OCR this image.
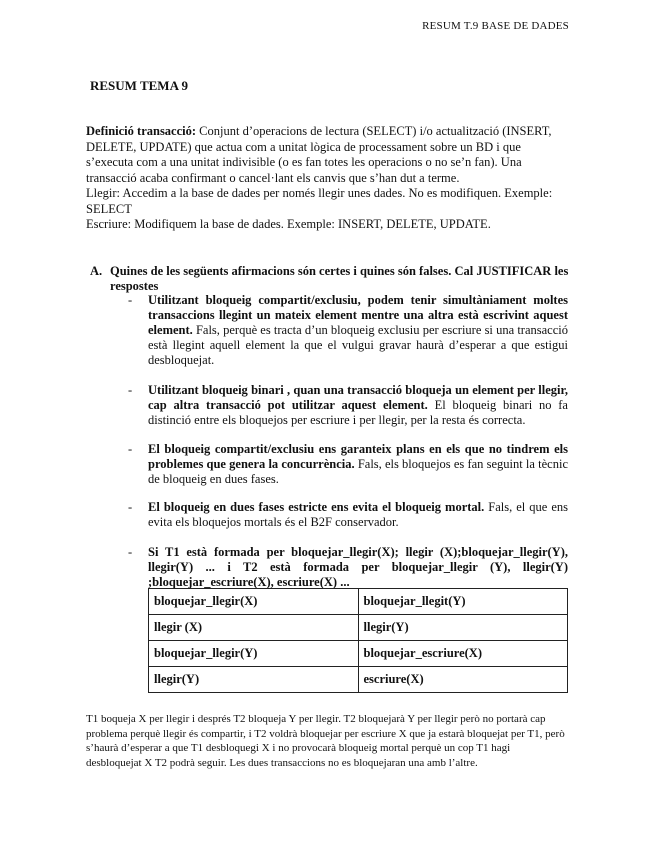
RESUM T.9 BASE DE DADES
RESUM TEMA 9
Definició transacció: Conjunt d’operacions de lectura (SELECT) i/o actualització (INSERT, DELETE, UPDATE) que actua com a unitat lògica de processament sobre un BD i que s’executa com a una unitat indivisible (o es fan totes les operacions o no se’n fan). Una transacció acaba confirmant o cancel·lant els canvis que s’han dut a terme.
Llegir: Accedim a la base de dades per només llegir unes dades. No es modifiquen. Exemple: SELECT
Escriure: Modifiquem la base de dades. Exemple: INSERT, DELETE, UPDATE.
A. Quines de les següents afirmacions són certes i quines són falses. Cal JUSTIFICAR les respostes
-	Utilitzant bloqueig compartit/exclusiu, podem tenir simultàniament moltes transaccions llegint un mateix element mentre una altra està escrivint aquest element. Fals, perquè es tracta d’un bloqueig exclusiu per escriure si una transacció està llegint aquell element la que el vulgui gravar haurà d’esperar a que estigui desbloquejat.
-	Utilitzant bloqueig binari , quan una transacció bloqueja un element per llegir, cap altra transacció pot utilitzar aquest element. El bloqueig binari no fa distinció entre els bloquejos per escriure i per llegir, per la resta és correcta.
-	El bloqueig compartit/exclusiu ens garanteix plans en els que no tindrem els problemes que genera la concurrència. Fals, els bloquejos es fan seguint la tècnic de bloqueig en dues fases.
-	El bloqueig en dues fases estricte ens evita el bloqueig mortal. Fals, el que ens evita els bloquejos mortals és el B2F conservador.
-	Si T1 està formada per bloquejar_llegir(X); llegir (X);bloquejar_llegir(Y), llegir(Y) ... i T2 està formada per bloquejar_llegir (Y), llegir(Y) ;bloquejar_escriure(X), escriure(X) ...
bloquejar_llegir(X)	bloquejar_llegit(Y)
llegir (X)	llegir(Y)
bloquejar_llegir(Y)	bloquejar_escriure(X)
llegir(Y)	escriure(X)
T1 boqueja X per llegir i després T2 bloqueja Y per llegir. T2 bloquejarà Y per llegir però no portarà cap problema perquè llegir és compartir, i T2 voldrà bloquejar per escriure X que ja estarà bloquejat per T1, però s’haurà d’esperar a que T1 desbloquegi X i no provocarà bloqueig mortal perquè un cop T1 hagi desbloquejat X T2 podrà seguir. Les dues transaccions no es bloquejaran una amb l’altre.
